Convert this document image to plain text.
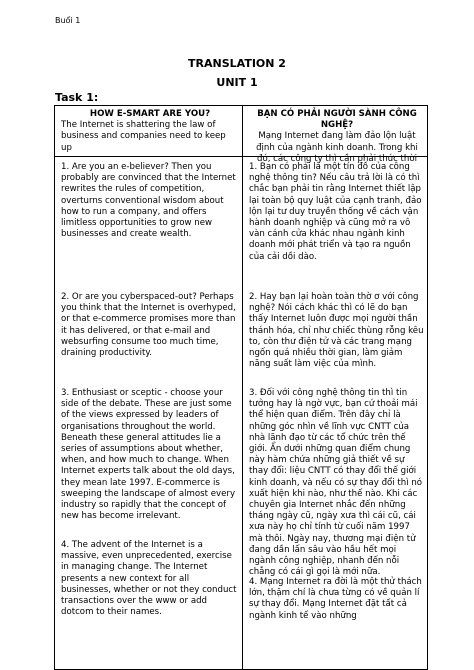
Buổi 1
TRANSLATION 2
UNIT 1
Task 1:
HOW E-SMART ARE YOU?
The Internet is shattering the law of business and companies need to keep up
BẠN CÓ PHẢI NGƯỜI SÀNH CÔNG NGHỆ?
Mạng Internet đang làm đảo lộn luật định của ngành kinh doanh. Trong khi đó, các công ty thì cần phải thức thời
1. Are you an e-believer? Then you probably are convinced that the Internet rewrites the rules of competition, overturns conventional wisdom about how to run a company, and offers limitless opportunities to grow new businesses and create wealth.
2. Or are you cyberspaced-out? Perhaps you think that the Internet is overhyped, or that e-commerce promises more than it has delivered, or that e-mail and websurfing consume too much time, draining productivity.
3. Enthusiast or sceptic - choose your side of the debate. These are just some of the views expressed by leaders of organisations throughout the world. Beneath these general attitudes lie a series of assumptions about whether, when, and how much to change. When Internet experts talk about the old days, they mean late 1997. E-commerce is sweeping the landscape of almost every industry so rapidly that the concept of new has become irrelevant.
4. The advent of the Internet is a massive, even unprecedented, exercise in managing change. The Internet presents a new context for all businesses, whether or not they conduct transactions over the www or add dotcom to their names.
1. Bạn có phải là một tín đồ của công nghệ thông tin? Nếu câu trả lời là có thì chắc bạn phải tin rằng Internet thiết lập lại toàn bộ quy luật của cạnh tranh, đảo lộn lại tư duy truyền thống về cách vận hành doanh nghiệp và cũng mở ra vô vàn cánh cửa khác nhau ngành kinh doanh mới phát triển và tạo ra nguồn của cải dồi dào.
2. Hay bạn lại hoàn toàn thờ ơ với công nghệ? Nói cách khác thì có lẽ do bạn thấy Internet luôn được mọi người thần thánh hóa, chỉ như chiếc thùng rỗng kêu to, còn thư điện tử và các trang mạng ngốn quá nhiều thời gian, làm giảm năng suất làm việc của mình.
3. Đối với công nghệ thông tin thì tin tưởng hay là ngờ vực, bạn cứ thoải mái thể hiện quan điểm. Trên đây chỉ là những góc nhìn về lĩnh vực CNTT của nhà lãnh đạo từ các tổ chức trên thế giới. Ẩn dưới những quan điểm chung này hàm chứa những giả thiết về sự thay đổi: liệu CNTT có thay đổi thế giới kinh doanh, và nếu có sự thay đổi thì nó xuất hiện khi nào, như thế nào. Khi các chuyên gia Internet nhắc đến những tháng ngày cũ, ngày xưa thì cái cũ, cái xưa này họ chỉ tính từ cuối năm 1997 mà thôi. Ngày nay, thương mại điện tử đang dần lấn sâu vào hầu hết mọi ngành công nghiệp, nhanh đến nỗi chẳng có cái gì gọi là mới nữa.
4. Mạng Internet ra đời là một thử thách lớn, thậm chí là chưa từng có về quản lí sự thay đổi. Mạng Internet đặt tất cả ngành kinh tế vào những
